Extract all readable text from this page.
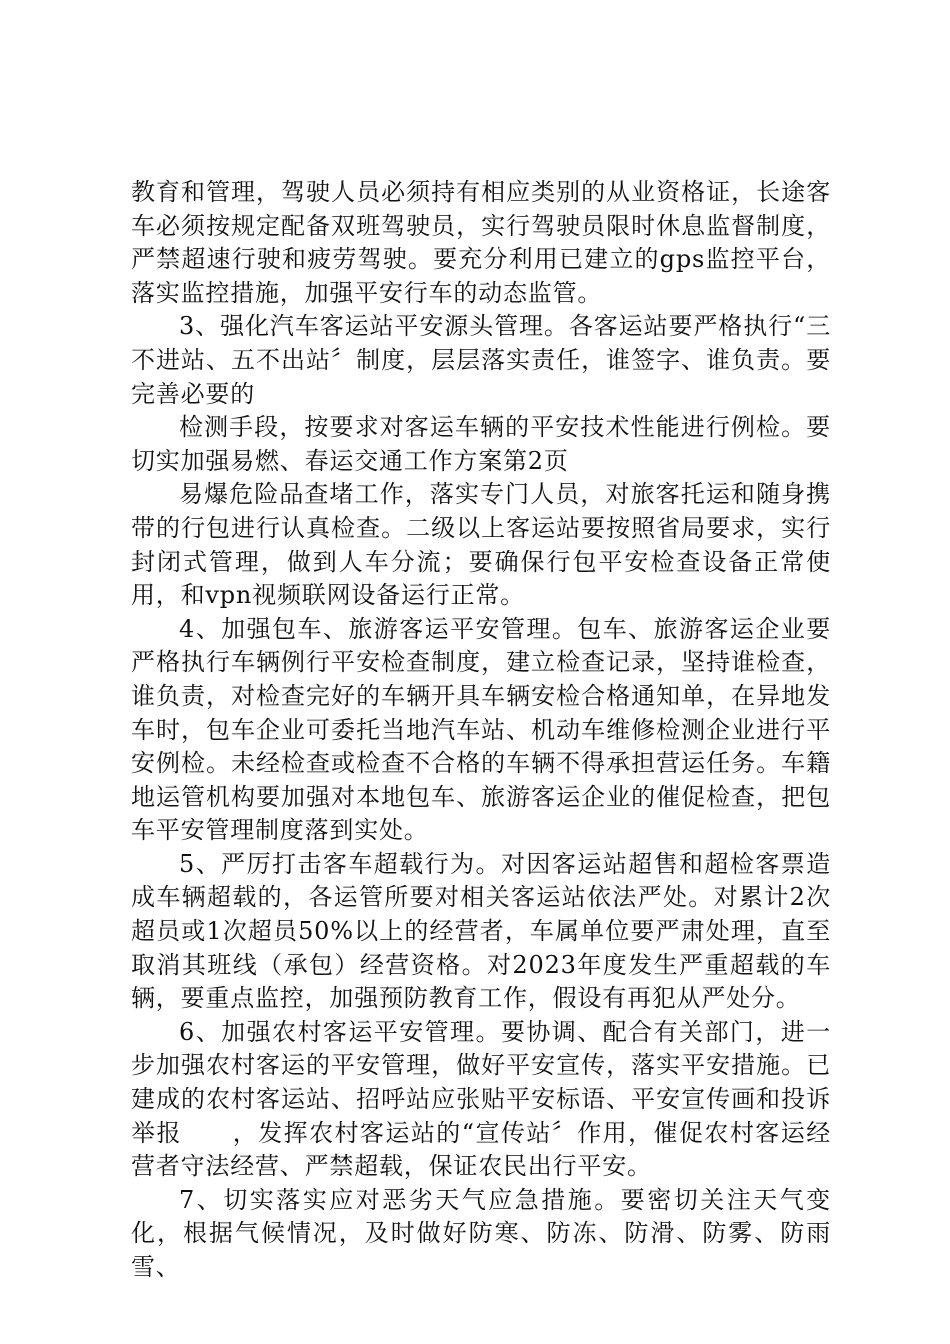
教育和管理，驾驶人员必须持有相应类别的从业资格证，长途客车必须按规定配备双班驾驶员，实行驾驶员限时休息监督制度，严禁超速行驶和疲劳驾驶。要充分利用已建立的gps监控平台，落实监控措施，加强平安行车的动态监管。

3、强化汽车客运站平安源头管理。各客运站要严格执行“三不进站、五不出站〞制度，层层落实责任，谁签字、谁负责。要完善必要的

检测手段，按要求对客运车辆的平安技术性能进行例检。要切实加强易燃、春运交通工作方案第2页

易爆危险品查堵工作，落实专门人员，对旅客托运和随身携带的行包进行认真检查。二级以上客运站要按照省局要求，实行封闭式管理，做到人车分流；要确保行包平安检查设备正常使用，和vpn视频联网设备运行正常。

4、加强包车、旅游客运平安管理。包车、旅游客运企业要严格执行车辆例行平安检查制度，建立检查记录，坚持谁检查，谁负责，对检查完好的车辆开具车辆安检合格通知单，在异地发车时，包车企业可委托当地汽车站、机动车维修检测企业进行平安例检。未经检查或检查不合格的车辆不得承担营运任务。车籍地运管机构要加强对本地包车、旅游客运企业的催促检查，把包车平安管理制度落到实处。

5、严厉打击客车超载行为。对因客运站超售和超检客票造成车辆超载的，各运管所要对相关客运站依法严处。对累计2次超员或1次超员50%以上的经营者，车属单位要严肃处理，直至取消其班线（承包）经营资格。对2023年度发生严重超载的车辆，要重点监控，加强预防教育工作，假设有再犯从严处分。

6、加强农村客运平安管理。要协调、配合有关部门，进一步加强农村客运的平安管理，做好平安宣传，落实平安措施。已建成的农村客运站、招呼站应张贴平安标语、平安宣传画和投诉举报　　，发挥农村客运站的“宣传站〞作用，催促农村客运经营者守法经营、严禁超载，保证农民出行平安。

7、切实落实应对恶劣天气应急措施。要密切关注天气变化，根据气候情况，及时做好防寒、防冻、防滑、防雾、防雨雪、
